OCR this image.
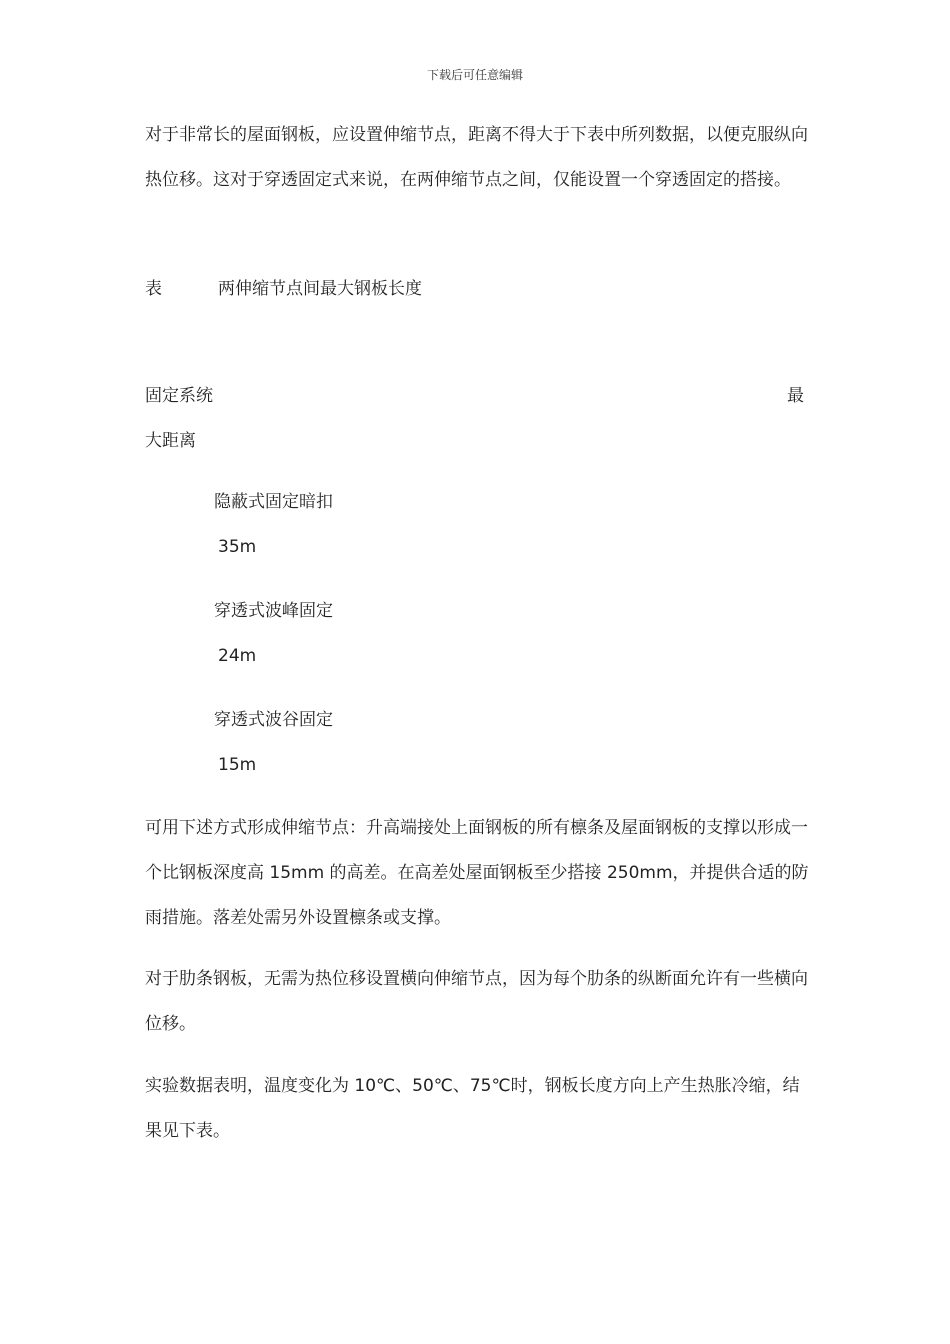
下载后可任意编辑

对于非常长的屋面钢板，应设置伸缩节点，距离不得大于下表中所列数据，以便克服纵向热位移。这对于穿透固定式来说，在两伸缩节点之间，仅能设置一个穿透固定的搭接。

表	两伸缩节点间最大钢板长度
固定系统	最
大距离
隐蔽式固定暗扣
35m
穿透式波峰固定
24m
穿透式波谷固定
15m

可用下述方式形成伸缩节点：升高端接处上面钢板的所有檩条及屋面钢板的支撑以形成一个比钢板深度高 15mm 的高差。在高差处屋面钢板至少搭接 250mm，并提供合适的防雨措施。落差处需另外设置檩条或支撑。

对于肋条钢板，无需为热位移设置横向伸缩节点，因为每个肋条的纵断面允许有一些横向位移。

实验数据表明，温度变化为 10℃、50℃、75℃时，钢板长度方向上产生热胀冷缩，结果见下表。
